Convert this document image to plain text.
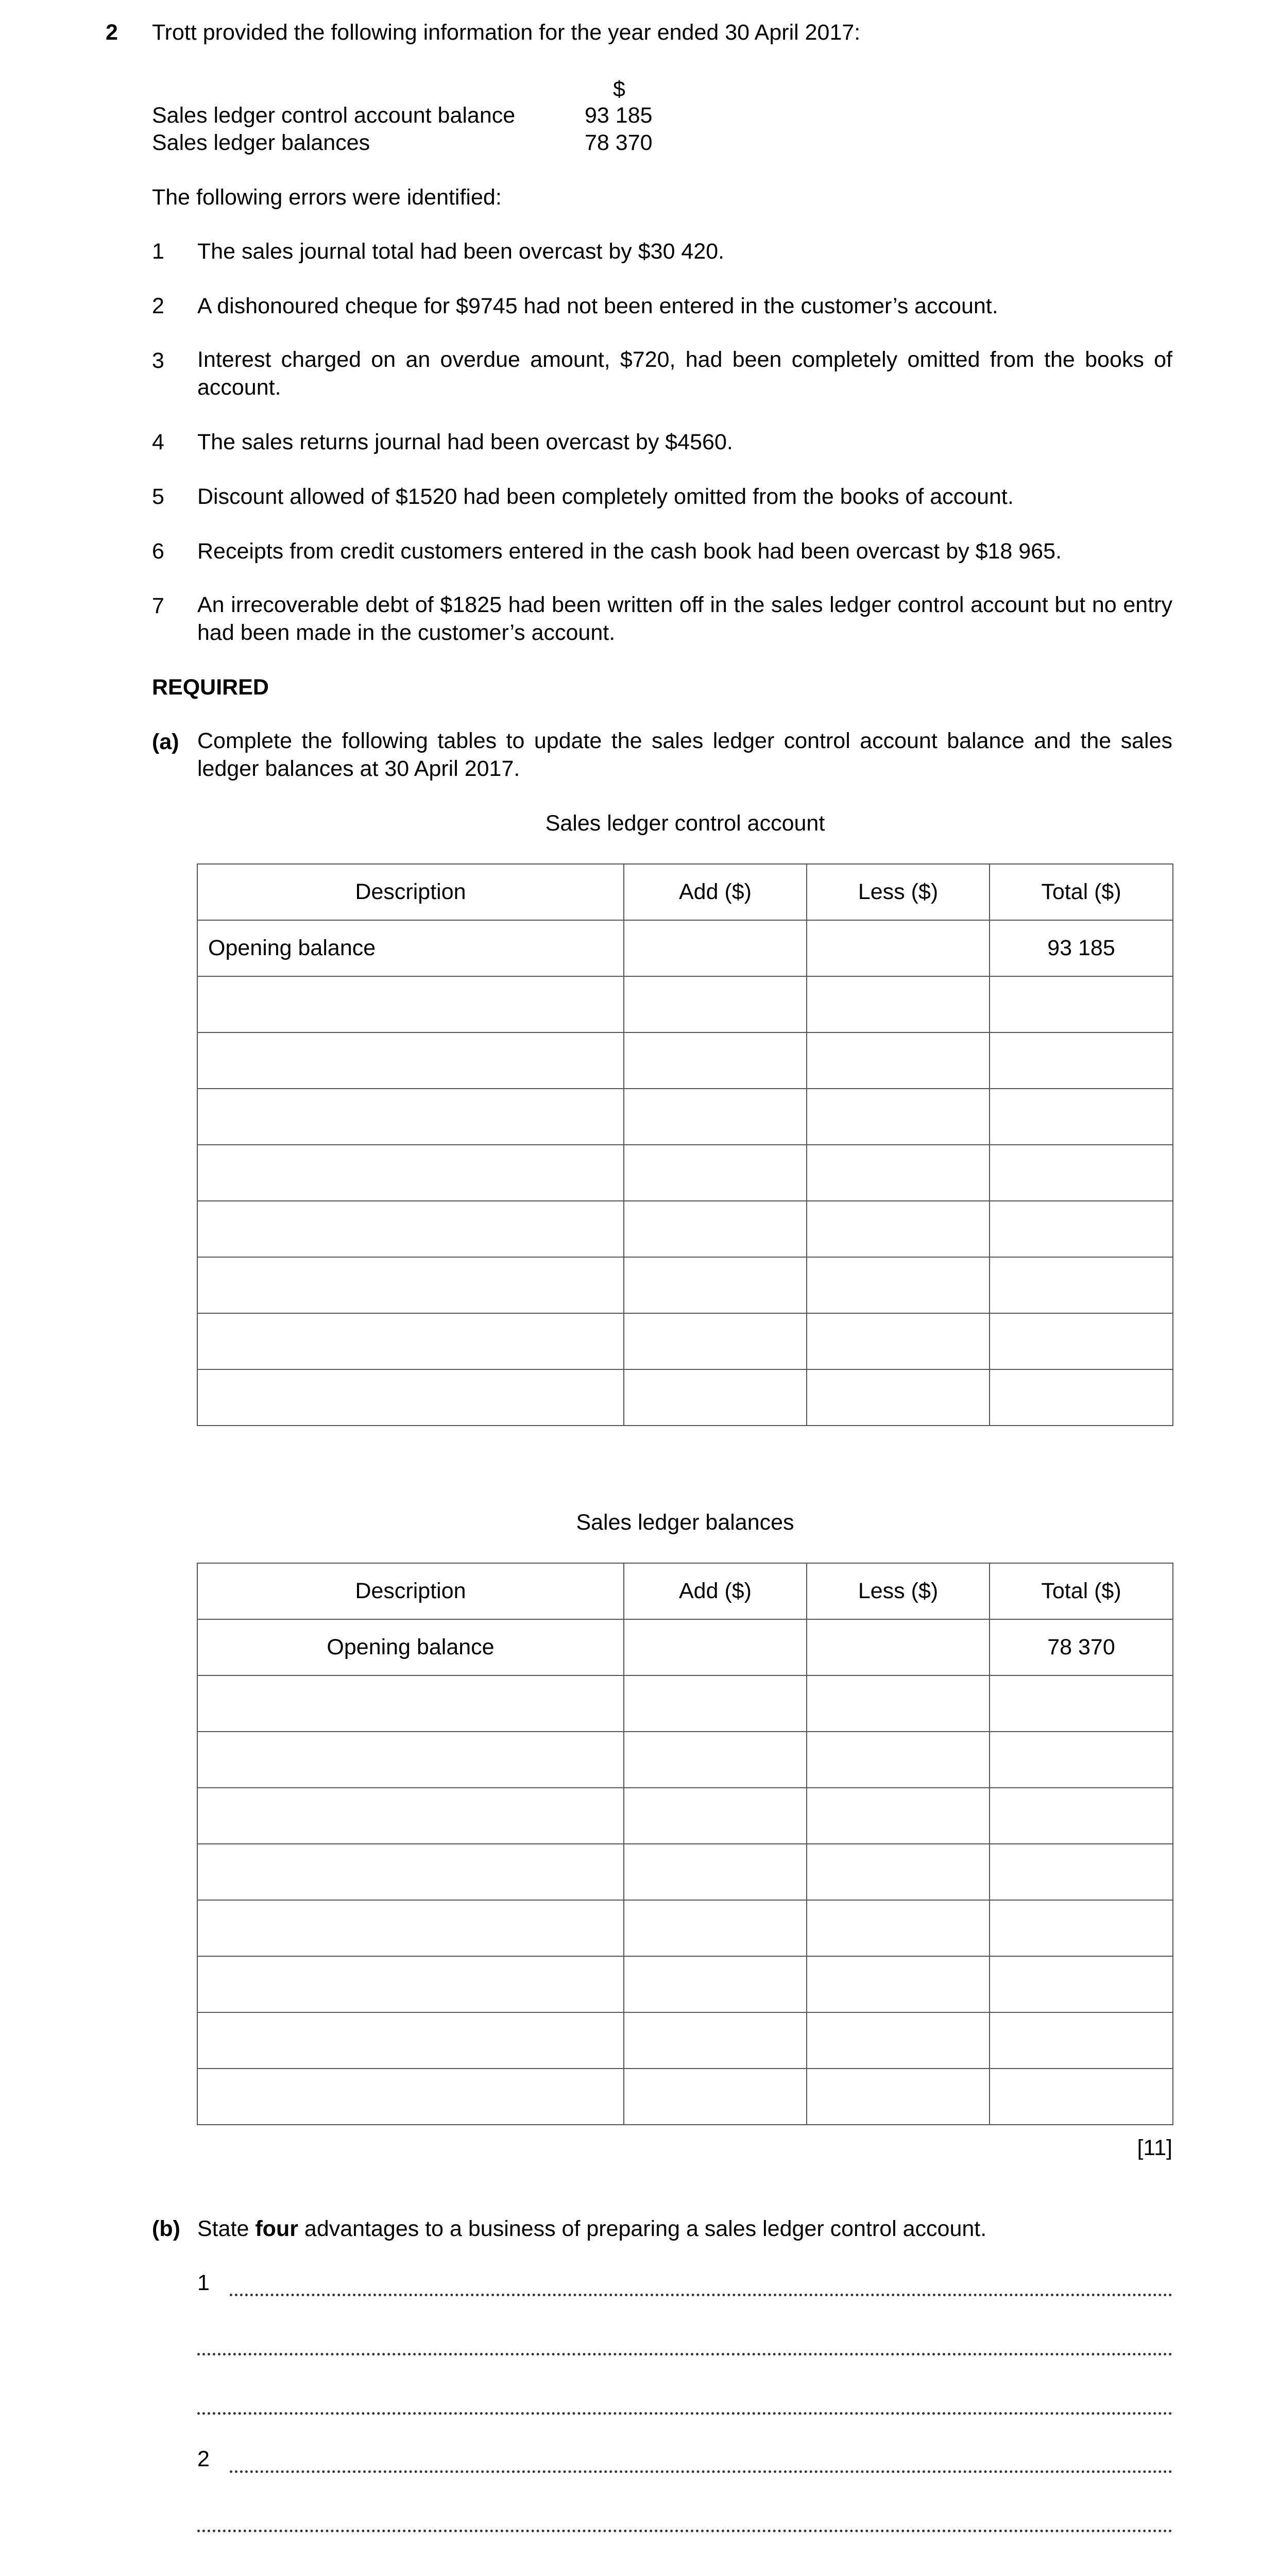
2 Trott provided the following information for the year ended 30 April 2017:
$
Sales ledger control account balance	93 185
Sales ledger balances	78 370
The following errors were identified:
1 The sales journal total had been overcast by $30 420.
2 A dishonoured cheque for $9745 had not been entered in the customer’s account.
3 Interest charged on an overdue amount, $720, had been completely omitted from the books of account.
4 The sales returns journal had been overcast by $4560.
5 Discount allowed of $1520 had been completely omitted from the books of account.
6 Receipts from credit customers entered in the cash book had been overcast by $18 965.
7 An irrecoverable debt of $1825 had been written off in the sales ledger control account but no entry had been made in the customer’s account.
REQUIRED
(a) Complete the following tables to update the sales ledger control account balance and the sales ledger balances at 30 April 2017.
Sales ledger control account
Description	Add ($)	Less ($)	Total ($)
Opening balance			93 185

Sales ledger balances
Description	Add ($)	Less ($)	Total ($)
Opening balance			78 370

[11]
(b) State four advantages to a business of preparing a sales ledger control account.
1
2
